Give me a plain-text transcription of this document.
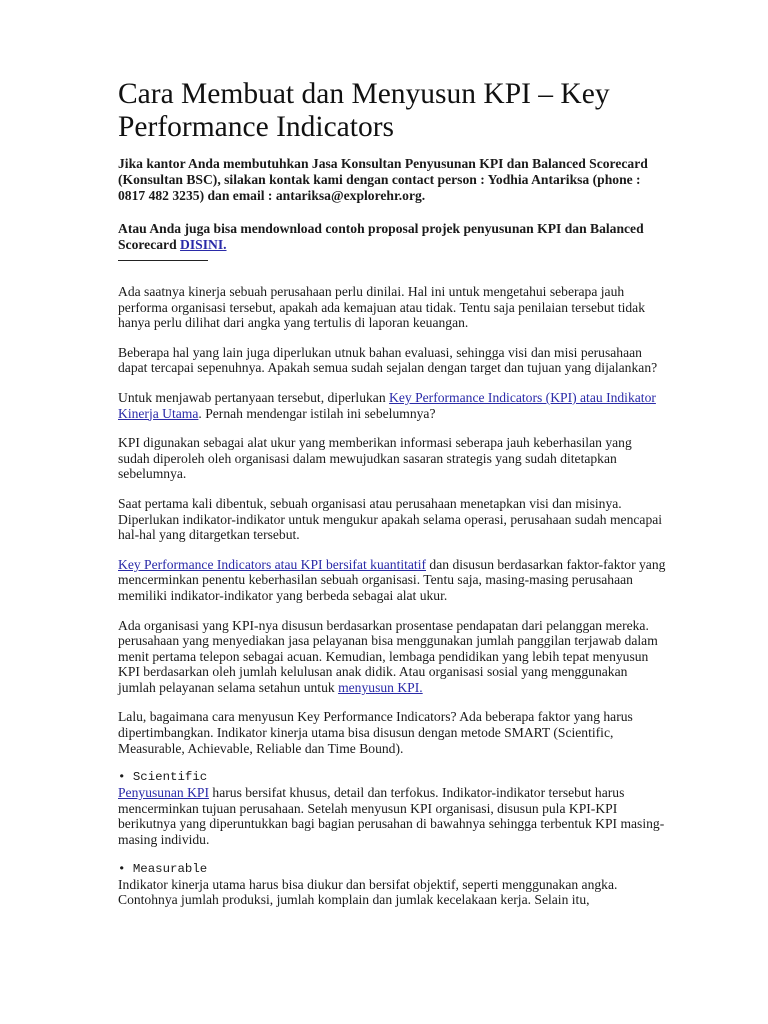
Cara Membuat dan Menyusun KPI – Key Performance Indicators

Jika kantor Anda membutuhkan Jasa Konsultan Penyusunan KPI dan Balanced Scorecard (Konsultan BSC), silakan kontak kami dengan contact person : Yodhia Antariksa (phone : 0817 482 3235) dan email : antariksa@explorehr.org.

Atau Anda juga bisa mendownload contoh proposal projek penyusunan KPI dan Balanced Scorecard DISINI.

Ada saatnya kinerja sebuah perusahaan perlu dinilai. Hal ini untuk mengetahui seberapa jauh performa organisasi tersebut, apakah ada kemajuan atau tidak. Tentu saja penilaian tersebut tidak hanya perlu dilihat dari angka yang tertulis di laporan keuangan.

Beberapa hal yang lain juga diperlukan utnuk bahan evaluasi, sehingga visi dan misi perusahaan dapat tercapai sepenuhnya. Apakah semua sudah sejalan dengan target dan tujuan yang dijalankan?

Untuk menjawab pertanyaan tersebut, diperlukan Key Performance Indicators (KPI) atau Indikator Kinerja Utama. Pernah mendengar istilah ini sebelumnya?

KPI digunakan sebagai alat ukur yang memberikan informasi seberapa jauh keberhasilan yang sudah diperoleh oleh organisasi dalam mewujudkan sasaran strategis yang sudah ditetapkan sebelumnya.

Saat pertama kali dibentuk, sebuah organisasi atau perusahaan menetapkan visi dan misinya. Diperlukan indikator-indikator untuk mengukur apakah selama operasi, perusahaan sudah mencapai hal-hal yang ditargetkan tersebut.

Key Performance Indicators atau KPI bersifat kuantitatif dan disusun berdasarkan faktor-faktor yang mencerminkan penentu keberhasilan sebuah organisasi. Tentu saja, masing-masing perusahaan memiliki indikator-indikator yang berbeda sebagai alat ukur.

Ada organisasi yang KPI-nya disusun berdasarkan prosentase pendapatan dari pelanggan mereka. perusahaan yang menyediakan jasa pelayanan bisa menggunakan jumlah panggilan terjawab dalam menit pertama telepon sebagai acuan. Kemudian, lembaga pendidikan yang lebih tepat menyusun KPI berdasarkan oleh jumlah kelulusan anak didik. Atau organisasi sosial yang menggunakan jumlah pelayanan selama setahun untuk menyusun KPI.

Lalu, bagaimana cara menyusun Key Performance Indicators? Ada beberapa faktor yang harus dipertimbangkan. Indikator kinerja utama bisa disusun dengan metode SMART (Scientific, Measurable, Achievable, Reliable dan Time Bound).

• Scientific
Penyusunan KPI harus bersifat khusus, detail dan terfokus. Indikator-indikator tersebut harus mencerminkan tujuan perusahaan. Setelah menyusun KPI organisasi, disusun pula KPI-KPI berikutnya yang diperuntukkan bagi bagian perusahan di bawahnya sehingga terbentuk KPI masing-masing individu.

• Measurable
Indikator kinerja utama harus bisa diukur dan bersifat objektif, seperti menggunakan angka. Contohnya jumlah produksi, jumlah komplain dan jumlak kecelakaan kerja. Selain itu,
